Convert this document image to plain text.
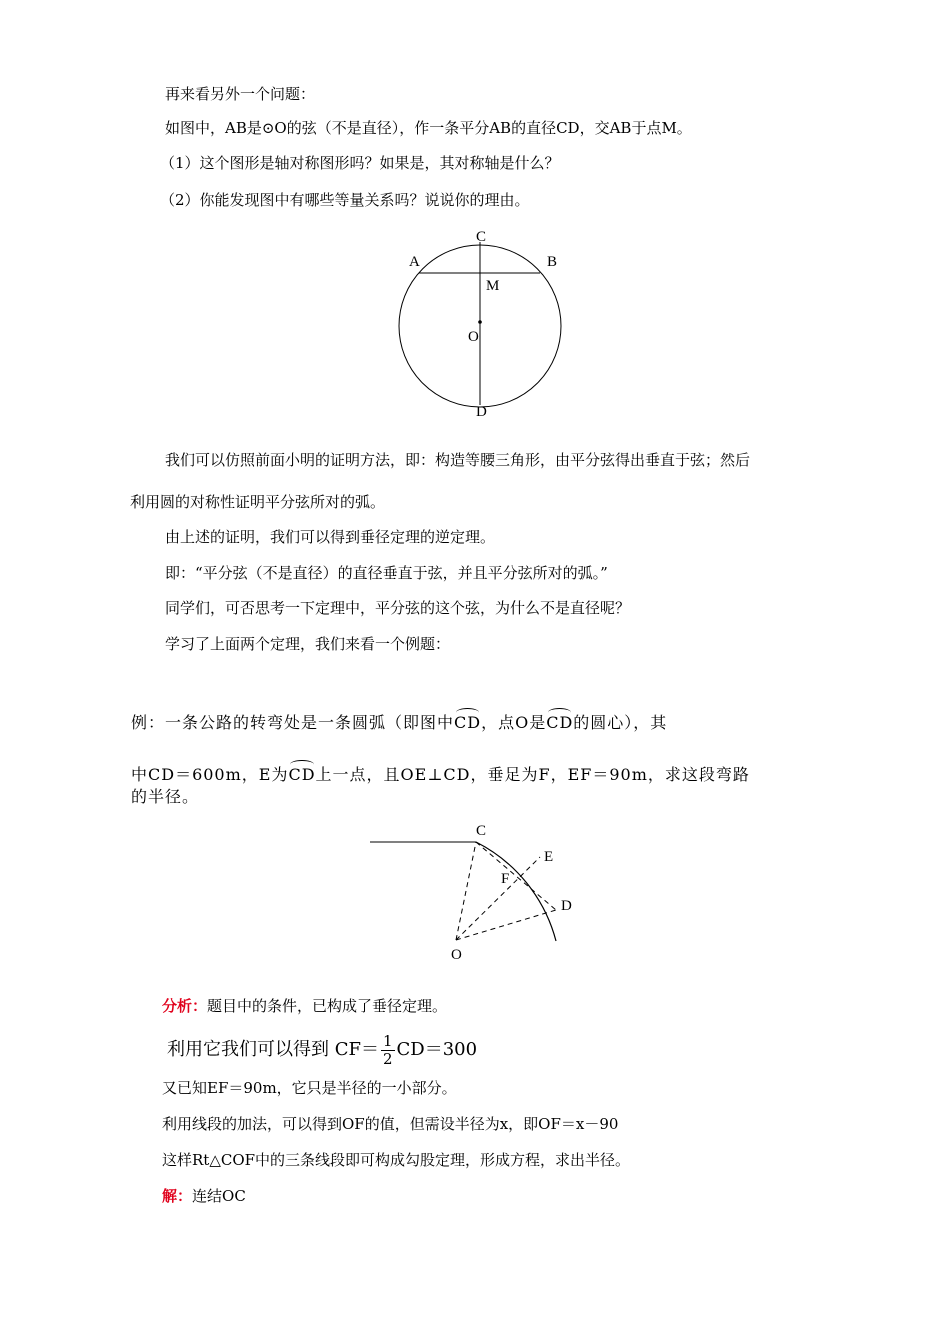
再来看另外一个问题：
如图中，AB是⊙O的弦（不是直径），作一条平分AB的直径CD，交AB于点M。
（1）这个图形是轴对称图形吗？如果是，其对称轴是什么？
（2）你能发现图中有哪些等量关系吗？说说你的理由。
C
A	B
M
O
D
我们可以仿照前面小明的证明方法，即：构造等腰三角形，由平分弦得出垂直于弦；然后
利用圆的对称性证明平分弦所对的弧。
由上述的证明，我们可以得到垂径定理的逆定理。
即：“平分弦（不是直径）的直径垂直于弦，并且平分弦所对的弧。”
同学们，可否思考一下定理中，平分弦的这个弦，为什么不是直径呢？
学习了上面两个定理，我们来看一个例题：
例：一条公路的转弯处是一条圆弧（即图中CD，点O是CD的圆心），其
中CD＝600m，E为CD上一点，且OE⊥CD，垂足为F，EF＝90m，求这段弯路
的半径。
C
E
F
D
O
分析：题目中的条件，已构成了垂径定理。
利用它我们可以得到 $CF= \frac{1}{2} CD=300$
又已知EF＝90m，它只是半径的一小部分。
利用线段的加法，可以得到OF的值，但需设半径为x，即OF＝x－90
这样Rt△COF中的三条线段即可构成勾股定理，形成方程，求出半径。
解：连结OC
